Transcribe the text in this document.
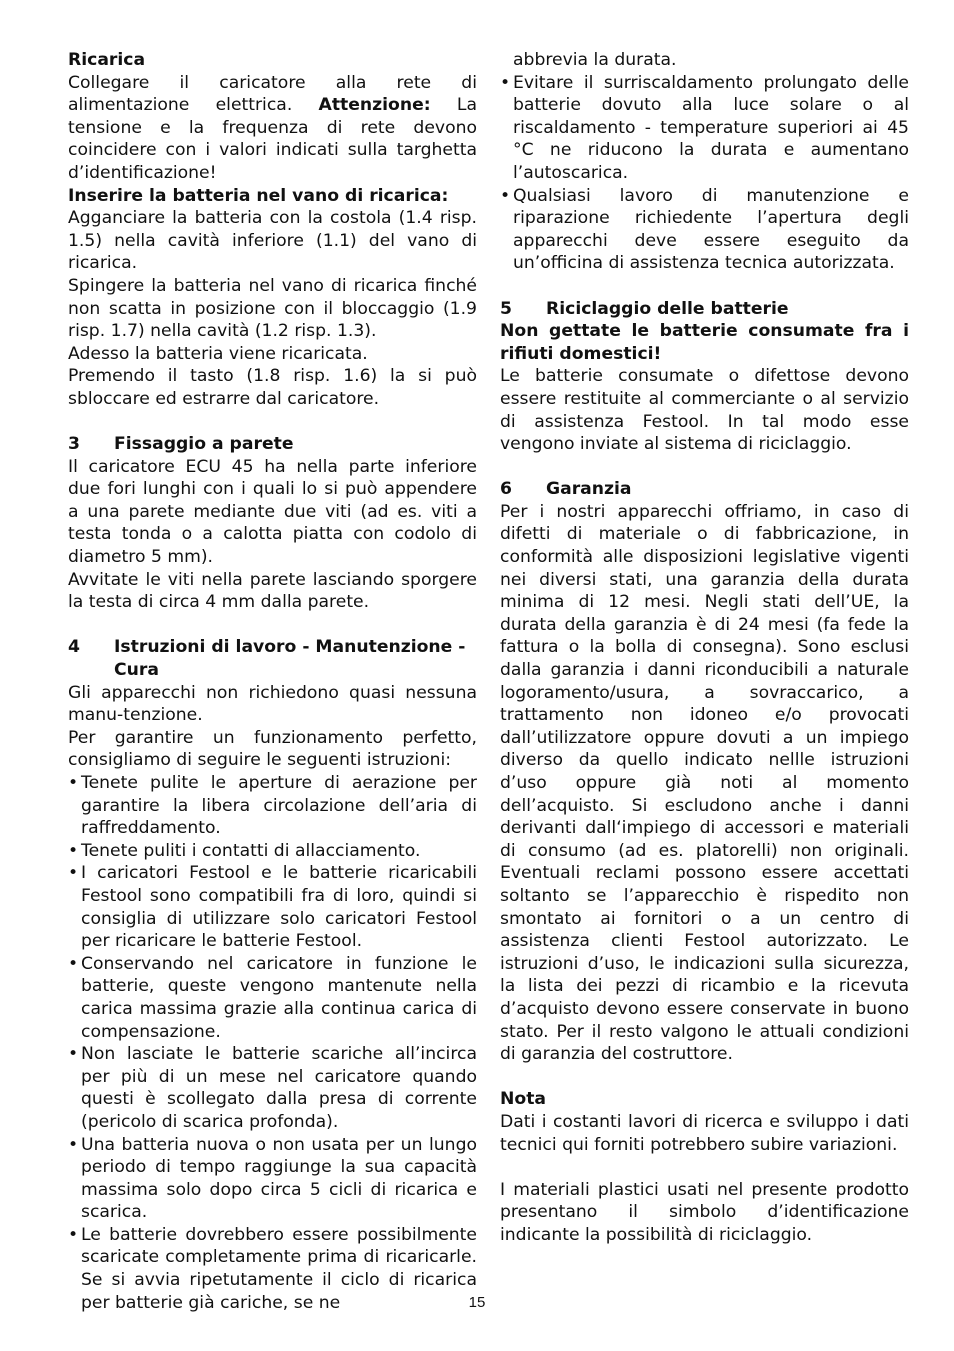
Ricarica

Collegare il caricatore alla rete di alimentazione elettrica. Attenzione: La tensione e la frequenza di rete devono coincidere con i valori indicati sulla targhetta d’identificazione!

Inserire la batteria nel vano di ricarica:

Agganciare la batteria con la costola (1.4 risp. 1.5) nella cavità inferiore (1.1) del vano di ricarica.

Spingere la batteria nel vano di ricarica finché non scatta in posizione con il bloccaggio (1.9 risp. 1.7) nella cavità (1.2 risp. 1.3).

Adesso la batteria viene ricaricata.

Premendo il tasto (1.8 risp. 1.6) la si può sbloccare ed estrarre dal caricatore.

3	Fissaggio a parete

Il caricatore ECU 45 ha nella parte inferiore due fori lunghi con i quali lo si può appendere a una parete mediante due viti (ad es. viti a testa tonda o a calotta piatta con codolo di diametro 5 mm).

Avvitate le viti nella parete lasciando sporgere la testa di circa 4 mm dalla parete.

4	Istruzioni di lavoro - Manutenzione - Cura

Gli apparecchi non richiedono quasi nessuna manu-tenzione.

Per garantire un funzionamento perfetto, consigliamo di seguire le seguenti istruzioni:

• Tenete pulite le aperture di aerazione per garantire la libera circolazione dell’aria di raffreddamento.
• Tenete puliti i contatti di allacciamento.
• I caricatori Festool e le batterie ricaricabili Festool sono compatibili fra di loro, quindi si consiglia di utilizzare solo caricatori Festool per ricaricare le batterie Festool.
• Conservando nel caricatore in funzione le batterie, queste vengono mantenute nella carica massima grazie alla continua carica di compensazione.
• Non lasciate le batterie scariche all’incirca per più di un mese nel caricatore quando questi è scollegato dalla presa di corrente (pericolo di scarica profonda).
• Una batteria nuova o non usata per un lungo periodo di tempo raggiunge la sua capacità massima solo dopo circa 5 cicli di ricarica e scarica.
• Le batterie dovrebbero essere possibilmente scaricate completamente prima di ricaricarle. Se si avvia ripetutamente il ciclo di ricarica per batterie già cariche, se ne

abbrevia la durata.

• Evitare il surriscaldamento prolungato delle batterie dovuto alla luce solare o al riscaldamento - temperature superiori ai 45 °C ne riducono la durata e aumentano l’autoscarica.
• Qualsiasi lavoro di manutenzione e riparazione richiedente l’apertura degli apparecchi deve essere eseguito da un’officina di assistenza tecnica autorizzata.
5	Riciclaggio delle batterie

Non gettate le batterie consumate fra i rifiuti domestici!

Le batterie consumate o difettose devono essere restituite al commerciante o al servizio di assistenza Festool. In tal modo esse vengono inviate al sistema di riciclaggio.

6	Garanzia

Per i nostri apparecchi offriamo, in caso di difetti di materiale o di fabbricazione, in conformità alle disposizioni legislative vigenti nei diversi stati, una garanzia della durata minima di 12 mesi. Negli stati dell’UE, la durata della garanzia è di 24 mesi (fa fede la fattura o la bolla di consegna). Sono esclusi dalla garanzia i danni riconducibili a naturale logoramento/usura, a sovraccarico, a trattamento non idoneo e/o provocati dall’utilizzatore oppure dovuti a un impiego diverso da quello indicato nellle istruzioni d’uso oppure già noti al momento dell’acquisto. Si escludono anche i danni derivanti dall‘impiego di accessori e materiali di consumo (ad es. platorelli) non originali. Eventuali reclami possono essere accettati soltanto se l’apparecchio è rispedito non smontato ai fornitori o a un centro di assistenza clienti Festool autorizzato. Le istruzioni d’uso, le indicazioni sulla sicurezza, la lista dei pezzi di ricambio e la ricevuta d’acquisto devono essere conservate in buono stato. Per il resto valgono le attuali condizioni di garanzia del costruttore.

Nota

Dati i costanti lavori di ricerca e sviluppo i dati tecnici qui forniti potrebbero subire variazioni.

I materiali plastici usati nel presente prodotto presentano il simbolo d’identificazione indicante la possibilità di riciclaggio.

15
